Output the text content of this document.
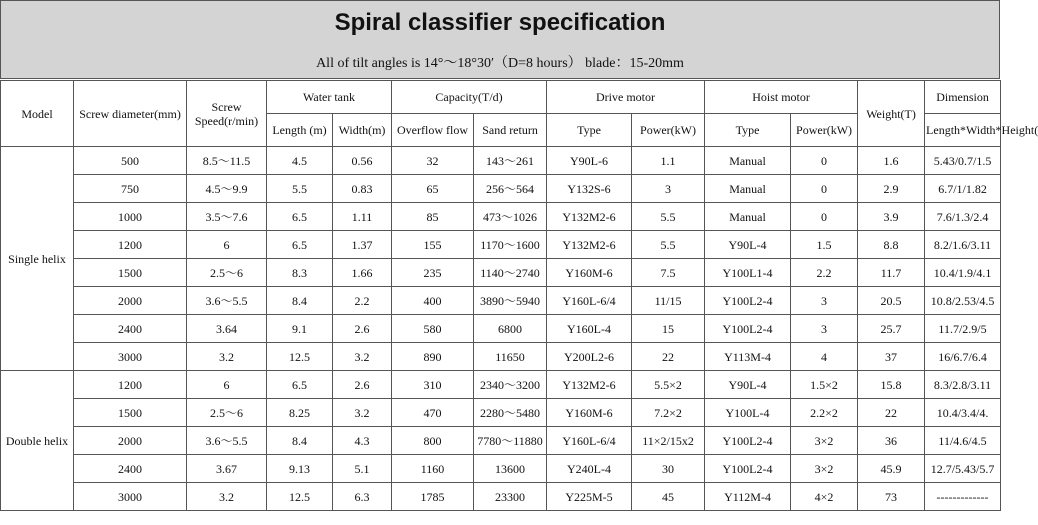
Spiral classifier specification
All of tilt angles is 14°～18°30′（D=8 hours） blade：15-20mm
Model	Screw diameter(mm)	Screw Speed(r/min)	Water tank		Capacity(T/d)		Drive motor		Hoist motor		Weight(T)	Dimension
			Length (m)	Width(m)	Overflow flow	Sand return	Type	Power(kW)	Type	Power(kW)		Length*Width*Height(
Single helix	500	8.5～11.5	4.5	0.56	32	143～261	Y90L-6	1.1	Manual	0	1.6	5.43/0.7/1.5
	750	4.5～9.9	5.5	0.83	65	256～564	Y132S-6	3	Manual	0	2.9	6.7/1/1.82
	1000	3.5～7.6	6.5	1.11	85	473～1026	Y132M2-6	5.5	Manual	0	3.9	7.6/1.3/2.4
	1200	6	6.5	1.37	155	1170～1600	Y132M2-6	5.5	Y90L-4	1.5	8.8	8.2/1.6/3.11
	1500	2.5～6	8.3	1.66	235	1140～2740	Y160M-6	7.5	Y100L1-4	2.2	11.7	10.4/1.9/4.1
	2000	3.6～5.5	8.4	2.2	400	3890～5940	Y160L-6/4	11/15	Y100L2-4	3	20.5	10.8/2.53/4.5
	2400	3.64	9.1	2.6	580	6800	Y160L-4	15	Y100L2-4	3	25.7	11.7/2.9/5
	3000	3.2	12.5	3.2	890	11650	Y200L2-6	22	Y113M-4	4	37	16/6.7/6.4
Double helix	1200	6	6.5	2.6	310	2340～3200	Y132M2-6	5.5×2	Y90L-4	1.5×2	15.8	8.3/2.8/3.11
	1500	2.5～6	8.25	3.2	470	2280～5480	Y160M-6	7.2×2	Y100L-4	2.2×2	22	10.4/3.4/4.
	2000	3.6～5.5	8.4	4.3	800	7780～11880	Y160L-6/4	11×2/15x2	Y100L2-4	3×2	36	11/4.6/4.5
	2400	3.67	9.13	5.1	1160	13600	Y240L-4	30	Y100L2-4	3×2	45.9	12.7/5.43/5.7
	3000	3.2	12.5	6.3	1785	23300	Y225M-5	45	Y112M-4	4×2	73	-------------
